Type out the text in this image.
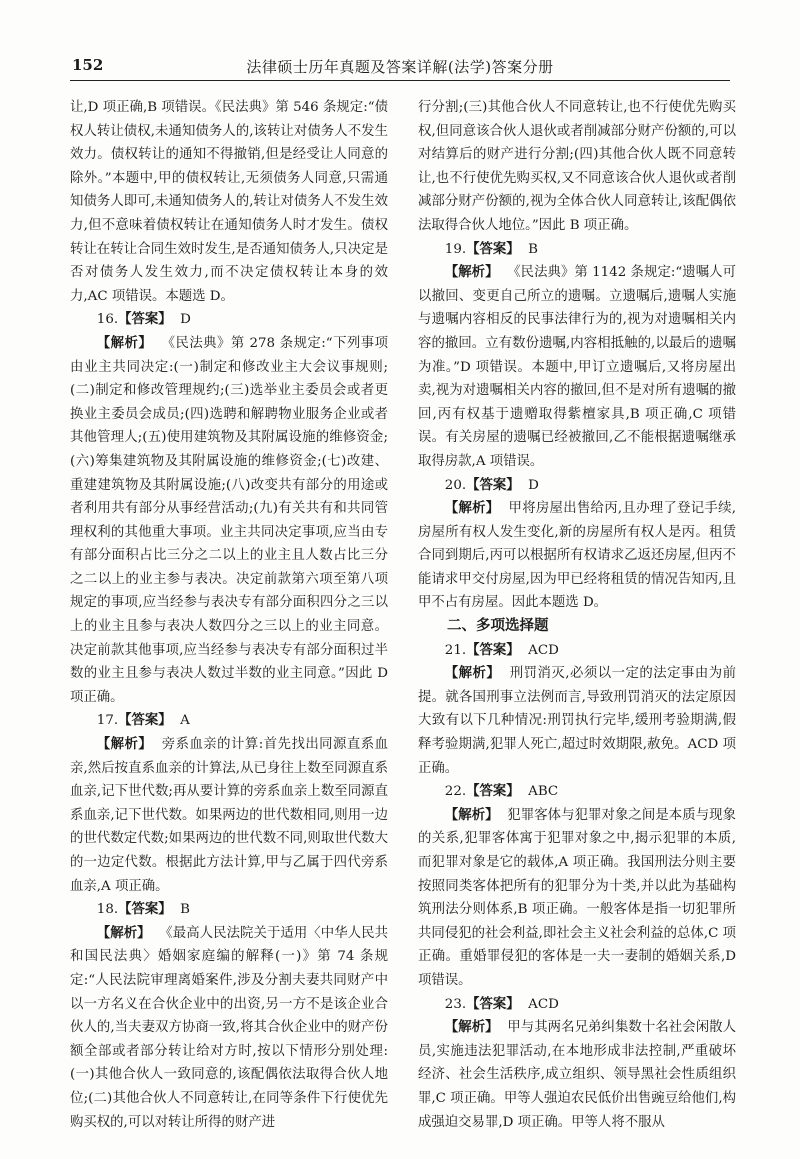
152	法律硕士历年真题及答案详解(法学)答案分册

让,D 项正确,B 项错误。《民法典》第 546 条规定:“债权人转让债权,未通知债务人的,该转让对债务人不发生效力。债权转让的通知不得撤销,但是经受让人同意的除外。”本题中,甲的债权转让,无须债务人同意,只需通知债务人即可,未通知债务人的,转让对债务人不发生效力,但不意味着债权转让在通知债务人时才发生。债权转让在转让合同生效时发生,是否通知债务人,只决定是否对债务人发生效力,而不决定债权转让本身的效力,AC 项错误。本题选 D。

16.【答案】 D

【解析】 《民法典》第 278 条规定:“下列事项由业主共同决定:(一)制定和修改业主大会议事规则;(二)制定和修改管理规约;(三)选举业主委员会或者更换业主委员会成员;(四)选聘和解聘物业服务企业或者其他管理人;(五)使用建筑物及其附属设施的维修资金;(六)筹集建筑物及其附属设施的维修资金;(七)改建、重建建筑物及其附属设施;(八)改变共有部分的用途或者利用共有部分从事经营活动;(九)有关共有和共同管理权利的其他重大事项。业主共同决定事项,应当由专有部分面积占比三分之二以上的业主且人数占比三分之二以上的业主参与表决。决定前款第六项至第八项规定的事项,应当经参与表决专有部分面积四分之三以上的业主且参与表决人数四分之三以上的业主同意。决定前款其他事项,应当经参与表决专有部分面积过半数的业主且参与表决人数过半数的业主同意。”因此 D 项正确。

17.【答案】 A

【解析】 旁系血亲的计算:首先找出同源直系血亲,然后按直系血亲的计算法,从已身往上数至同源直系血亲,记下世代数;再从要计算的旁系血亲上数至同源直系血亲,记下世代数。如果两边的世代数相同,则用一边的世代数定代数;如果两边的世代数不同,则取世代数大的一边定代数。根据此方法计算,甲与乙属于四代旁系血亲,A 项正确。

18.【答案】 B

【解析】 《最高人民法院关于适用〈中华人民共和国民法典〉婚姻家庭编的解释(一)》第 74 条规定:“人民法院审理离婚案件,涉及分割夫妻共同财产中以一方名义在合伙企业中的出资,另一方不是该企业合伙人的,当夫妻双方协商一致,将其合伙企业中的财产份额全部或者部分转让给对方时,按以下情形分别处理:(一)其他合伙人一致同意的,该配偶依法取得合伙人地位;(二)其他合伙人不同意转让,在同等条件下行使优先购买权的,可以对转让所得的财产进

行分割;(三)其他合伙人不同意转让,也不行使优先购买权,但同意该合伙人退伙或者削减部分财产份额的,可以对结算后的财产进行分割;(四)其他合伙人既不同意转让,也不行使优先购买权,又不同意该合伙人退伙或者削减部分财产份额的,视为全体合伙人同意转让,该配偶依法取得合伙人地位。”因此 B 项正确。

19.【答案】 B

【解析】 《民法典》第 1142 条规定:“遗嘱人可以撤回、变更自己所立的遗嘱。立遗嘱后,遗嘱人实施与遗嘱内容相反的民事法律行为的,视为对遗嘱相关内容的撤回。立有数份遗嘱,内容相抵触的,以最后的遗嘱为准。”D 项错误。本题中,甲订立遗嘱后,又将房屋出卖,视为对遗嘱相关内容的撤回,但不是对所有遗嘱的撤回,丙有权基于遗赠取得紫檀家具,B 项正确,C 项错误。有关房屋的遗嘱已经被撤回,乙不能根据遗嘱继承取得房款,A 项错误。

20.【答案】 D

【解析】 甲将房屋出售给丙,且办理了登记手续,房屋所有权人发生变化,新的房屋所有权人是丙。租赁合同到期后,丙可以根据所有权请求乙返还房屋,但丙不能请求甲交付房屋,因为甲已经将租赁的情况告知丙,且甲不占有房屋。因此本题选 D。

二、多项选择题

21.【答案】 ACD

【解析】 刑罚消灭,必须以一定的法定事由为前提。就各国刑事立法例而言,导致刑罚消灭的法定原因大致有以下几种情况:刑罚执行完毕,缓刑考验期满,假释考验期满,犯罪人死亡,超过时效期限,赦免。ACD 项正确。

22.【答案】 ABC

【解析】 犯罪客体与犯罪对象之间是本质与现象的关系,犯罪客体寓于犯罪对象之中,揭示犯罪的本质,而犯罪对象是它的载体,A 项正确。我国刑法分则主要按照同类客体把所有的犯罪分为十类,并以此为基础构筑刑法分则体系,B 项正确。一般客体是指一切犯罪所共同侵犯的社会利益,即社会主义社会利益的总体,C 项正确。重婚罪侵犯的客体是一夫一妻制的婚姻关系,D 项错误。

23.【答案】 ACD

【解析】 甲与其两名兄弟纠集数十名社会闲散人员,实施违法犯罪活动,在本地形成非法控制,严重破坏经济、社会生活秩序,成立组织、领导黑社会性质组织罪,C 项正确。甲等人强迫农民低价出售豌豆给他们,构成强迫交易罪,D 项正确。甲等人将不服从
